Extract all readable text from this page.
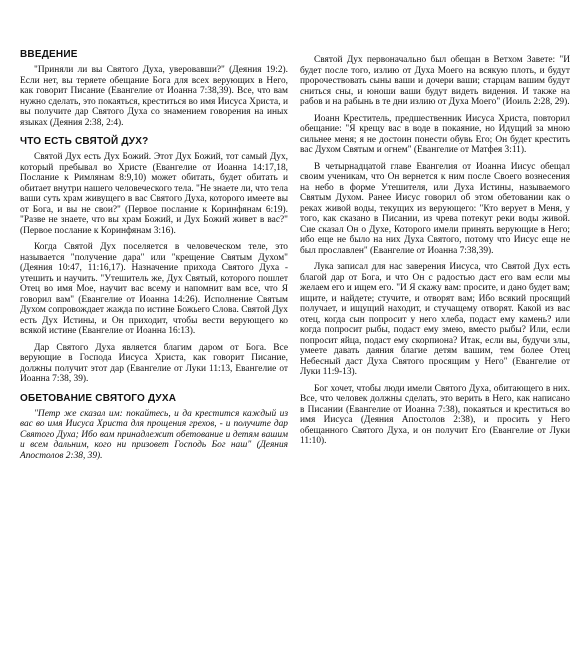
ВВЕДЕНИЕ

"Приняли ли вы Святого Духа, уверовавши?" (Деяния 19:2). Если нет, вы теряете обещание Бога для всех верующих в Него, как говорит Писание (Евангелие от Иоанна 7:38,39). Все, что вам нужно сделать, это покаяться, креститься во имя Иисуса Христа, и вы получите дар Святого Духа со знамением говорения на иных языках (Деяния 2:38, 2:4).

ЧТО ЕСТЬ СВЯТОЙ ДУХ?

Святой Дух есть Дух Божий. Этот Дух Божий, тот самый Дух, который пребывал во Христе (Евангелие от Иоанна 14:17,18, Послание к Римлянам 8:9,10) может обитать, будет обитать и обитает внутри нашего человеческого тела. "Не знаете ли, что тела ваши суть храм живущего в вас Святого Духа, которого имеете вы от Бога, и вы не свои?" (Первое послание к Коринфянам 6:19). "Разве не знаете, что вы храм Божий, и Дух Божий живет в вас?" (Первое послание к Коринфянам 3:16).

Когда Святой Дух поселяется в человеческом теле, это называется "получение дара" или "крещение Святым Духом" (Деяния 10:47, 11:16,17). Назначение прихода Святого Духа - утешить и научить. "Утешитель же, Дух Святый, которого пошлет Отец во имя Мое, научит вас всему и напомнит вам все, что Я говорил вам" (Евангелие от Иоанна 14:26). Исполнение Святым Духом сопровождает жажда по истине Божьего Слова. Святой Дух есть Дух Истины, и Он приходит, чтобы вести верующего ко всякой истине (Евангелие от Иоанна 16:13).

Дар Святого Духа является благим даром от Бога. Все верующие в Господа Иисуса Христа, как говорит Писание, должны получит этот дар (Евангелие от Луки 11:13, Евангелие от Иоанна 7:38, 39).

ОБЕТОВАНИЕ СВЯТОГО ДУХА

"Петр же сказал им: покайтесь, и да крестится каждый из вас во имя Иисуса Христа для прощения грехов, - и получите дар Святого Духа; Ибо вам принадлежит обетование и детям вашим и всем дальним, кого ни призовет Господь Бог наш" (Деяния Апостолов 2:38, 39).

Святой Дух первоначально был обещан в Ветхом Завете: "И будет после того, излию от Духа Моего на всякую плоть, и будут пророчествовать сыны ваши и дочери ваши; старцам вашим будут сниться сны, и юноши ваши будут видеть видения. И также на рабов и на рабынь в те дни излию от Духа Моего" (Иоиль 2:28, 29).

Иоанн Креститель, предшественник Иисуса Христа, повторил обещание: "Я крещу вас в воде в покаяние, но Идущий за мною сильнее меня; я не достоин понести обувь Его; Он будет крестить вас Духом Святым и огнем" (Евангелие от Матфея 3:11).

В четырнадцатой главе Евангелия от Иоанна Иисус обещал своим ученикам, что Он вернется к ним после Своего вознесения на небо в форме Утешителя, или Духа Истины, называемого Святым Духом. Ранее Иисус говорил об этом обетовании как о реках живой воды, текущих из верующего: "Кто верует в Меня, у того, как сказано в Писании, из чрева потекут реки воды живой. Сие сказал Он о Духе, Которого имели принять верующие в Него; ибо еще не было на них Духа Святого, потому что Иисус еще не был прославлен" (Евангелие от Иоанна 7:38,39).

Лука записал для нас заверения Иисуса, что Святой Дух есть благой дар от Бога, и что Он с радостью даст его вам если мы желаем его и ищем его. "И Я скажу вам: просите, и дано будет вам; ищите, и найдете; стучите, и отворят вам; Ибо всякий просящий получает, и ищущий находит, и стучащему отворят. Какой из вас отец, когда сын попросит у него хлеба, подаст ему камень? или когда попросит рыбы, подаст ему змею, вместо рыбы? Или, если попросит яйца, подаст ему скорпиона? Итак, если вы, будучи злы, умеете давать даяния благие детям вашим, тем более Отец Небесный даст Духа Святого просящим у Него" (Евангелие от Луки 11:9-13).

Бог хочет, чтобы люди имели Святого Духа, обитающего в них. Все, что человек должны сделать, это верить в Него, как написано в Писании (Евангелие от Иоанна 7:38), покаяться и креститься во имя Иисуса (Деяния Апостолов 2:38), и просить у Него обещанного Святого Духа, и он получит Его (Евангелие от Луки 11:10).
